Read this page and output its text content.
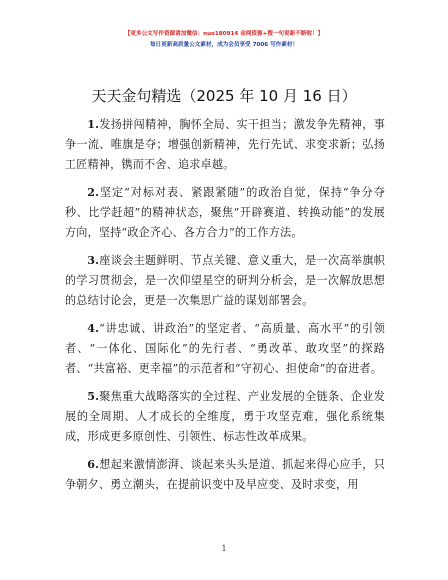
【更多公文写作资源请加微信：nuo180914 金网资源+搜一句更新不断啦！】
每日更新高质量公文素材，成为会员享受 7006 写作素材！
天天金句精选（2025 年 10 月 16 日）

1.发扬拼闯精神，胸怀全局、实干担当；激发争先精神，事争一流、唯旗是夺；增强创新精神，先行先试、求变求新；弘扬工匠精神，镌而不舍、追求卓越。

2.坚定“对标对表、紧跟紧随”的政治自觉，保持“争分夺秒、比学赶超”的精神状态，聚焦“开辟赛道、转换动能”的发展方向，坚持“政企齐心、各方合力”的工作方法。

3.座谈会主题鲜明、节点关键、意义重大，是一次高举旗帜的学习贯彻会，是一次仰望星空的研判分析会，是一次解放思想的总结讨论会，更是一次集思广益的谋划部署会。

4.“讲忠诚、讲政治”的坚定者、“高质量、高水平”的引领者、“一体化、国际化”的先行者、“勇改革、敢攻坚”的探路者、“共富裕、更幸福”的示范者和“守初心、担使命”的奋进者。

5.聚焦重大战略落实的全过程、产业发展的全链条、企业发展的全周期、人才成长的全维度，勇于攻坚克难，强化系统集成，形成更多原创性、引领性、标志性改革成果。

6.想起来激情澎湃、谈起来头头是道、抓起来得心应手，只争朝夕、勇立潮头，在提前识变中及早应变、及时求变，用

1
